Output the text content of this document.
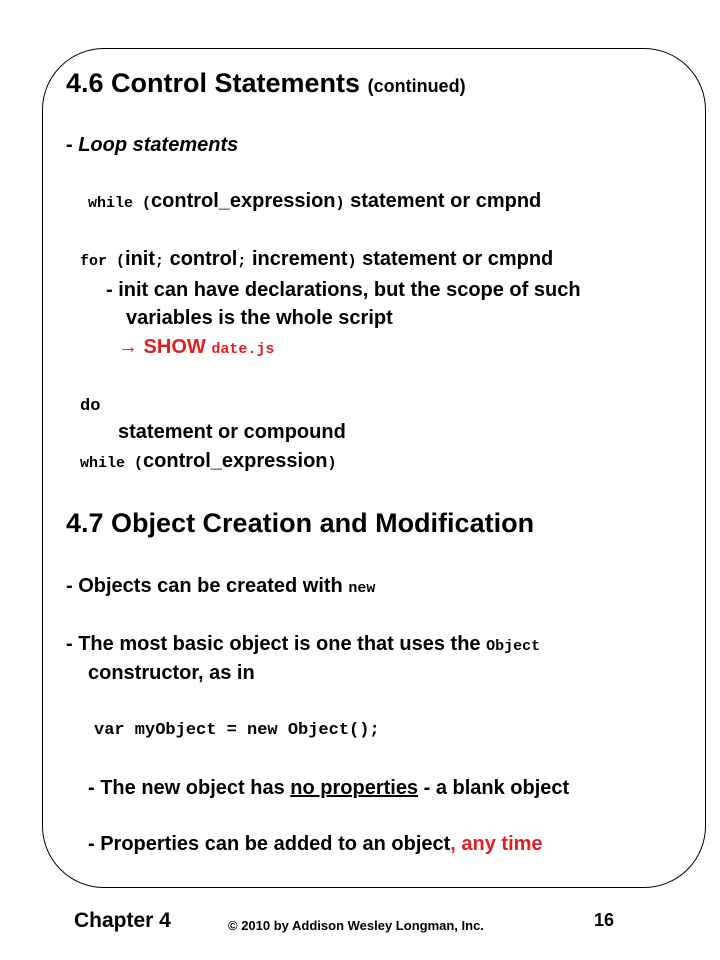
4.6 Control Statements (continued)
- Loop statements
while (control_expression) statement or cmpnd
for (init; control; increment) statement or cmpnd
- init can have declarations, but the scope of such
variables is the whole script
→ SHOW date.js
do
statement or compound
while (control_expression)
4.7 Object Creation and Modification
- Objects can be created with new
- The most basic object is one that uses the Object
constructor, as in
var myObject = new Object();
- The new object has no properties - a blank object
- Properties can be added to an object, any time
Chapter 4	© 2010 by Addison Wesley Longman, Inc.	16
